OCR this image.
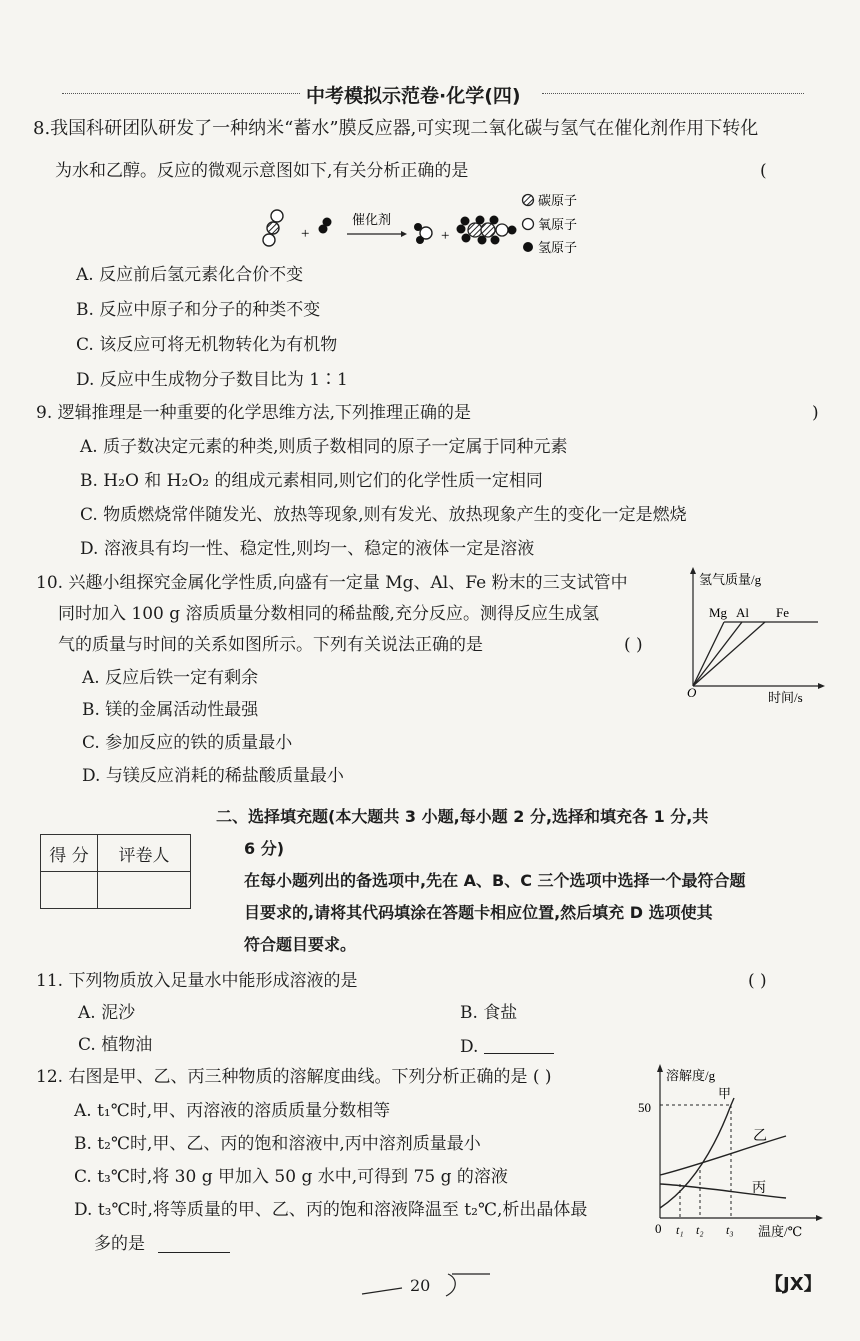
中考模拟示范卷·化学(四)
8.我国科研团队研发了一种纳米“蓄水”膜反应器,可实现二氧化碳与氢气在催化剂作用下转化
为水和乙醇。反应的微观示意图如下,有关分析正确的是	(
+
催化剂
+
碳原子
氧原子
氢原子
A. 反应前后氢元素化合价不变
B. 反应中原子和分子的种类不变
C. 该反应可将无机物转化为有机物
D. 反应中生成物分子数目比为 1∶1
9. 逻辑推理是一种重要的化学思维方法,下列推理正确的是	)
A. 质子数决定元素的种类,则质子数相同的原子一定属于同种元素
B. H₂O 和 H₂O₂ 的组成元素相同,则它们的化学性质一定相同
C. 物质燃烧常伴随发光、放热等现象,则有发光、放热现象产生的变化一定是燃烧
D. 溶液具有均一性、稳定性,则均一、稳定的液体一定是溶液
10. 兴趣小组探究金属化学性质,向盛有一定量 Mg、Al、Fe 粉末的三支试管中
同时加入 100 g 溶质质量分数相同的稀盐酸,充分反应。测得反应生成氢
气的质量与时间的关系如图所示。下列有关说法正确的是	( )
A. 反应后铁一定有剩余
B. 镁的金属活动性最强
C. 参加反应的铁的质量最小
D. 与镁反应消耗的稀盐酸质量最小
氢气质量/g
时间/s
O
Mg Al Fe
二、选择填充题(本大题共 3 小题,每小题 2 分,选择和填充各 1 分,共
6 分)
在每小题列出的备选项中,先在 A、B、C 三个选项中选择一个最符合题
目要求的,请将其代码填涂在答题卡相应位置,然后填充 D 选项使其
符合题目要求。
得 分	评卷人

11. 下列物质放入足量水中能形成溶液的是	( )
A. 泥沙	B. 食盐
C. 植物油	D.
12. 右图是甲、乙、丙三种物质的溶解度曲线。下列分析正确的是 ( )
A. t₁℃时,甲、丙溶液的溶质质量分数相等
B. t₂℃时,甲、乙、丙的饱和溶液中,丙中溶剂质量最小
C. t₃℃时,将 30 g 甲加入 50 g 水中,可得到 75 g 的溶液
D. t₃℃时,将等质量的甲、乙、丙的饱和溶液降温至 t₂℃,析出晶体最
多的是
溶解度/g
温度/℃
50
0 t₁ t₂ t₃
甲
乙
丙
20	【JX】
